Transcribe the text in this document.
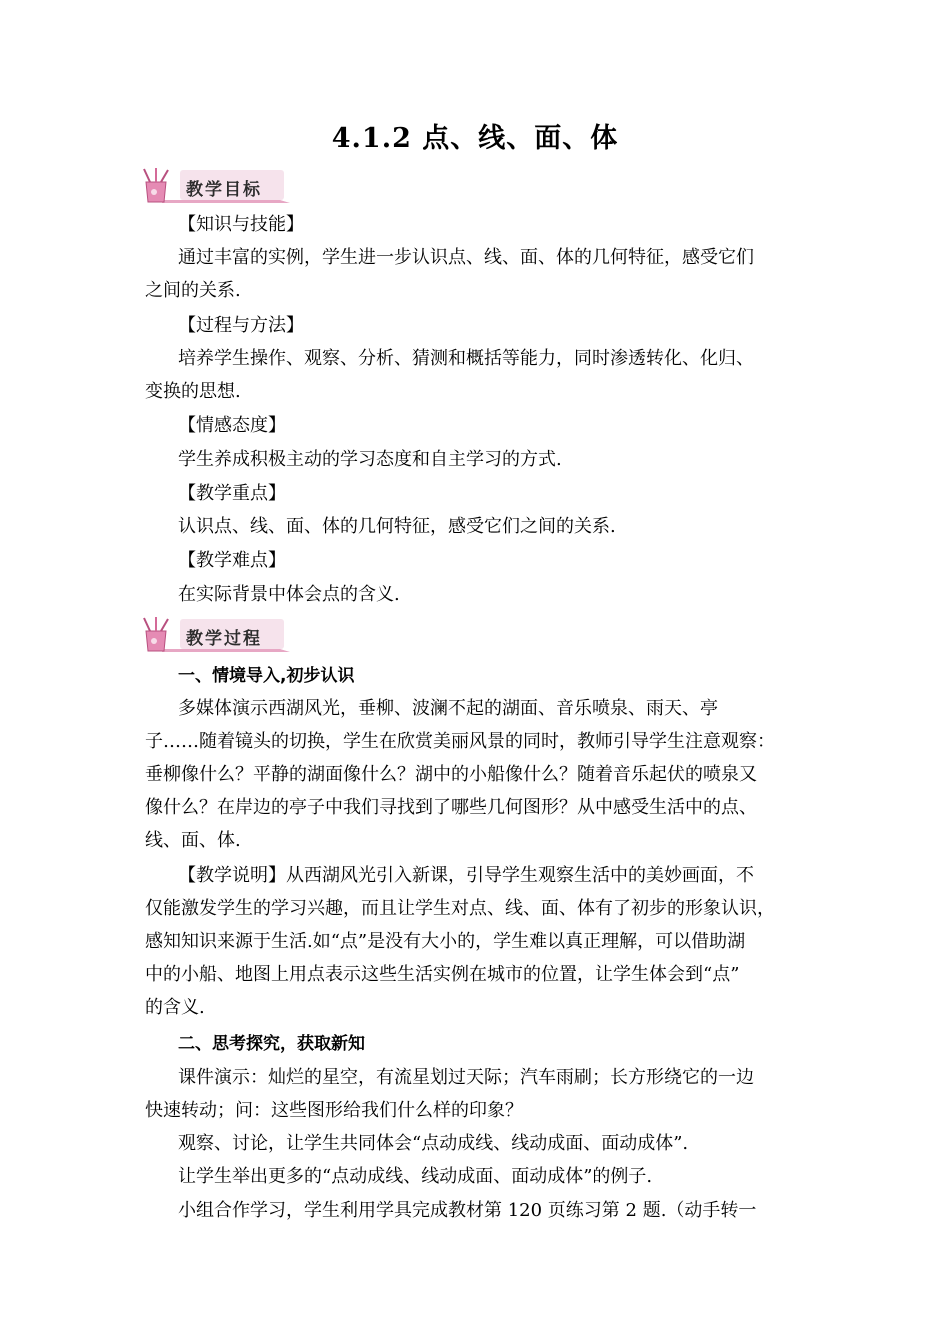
4.1.2 点、线、面、体
教学目标
【知识与技能】
通过丰富的实例，学生进一步认识点、线、面、体的几何特征，感受它们
之间的关系.
【过程与方法】
培养学生操作、观察、分析、猜测和概括等能力，同时渗透转化、化归、
变换的思想.
【情感态度】
学生养成积极主动的学习态度和自主学习的方式.
【教学重点】
认识点、线、面、体的几何特征，感受它们之间的关系.
【教学难点】
在实际背景中体会点的含义.
教学过程
一、情境导入,初步认识
多媒体演示西湖风光，垂柳、波澜不起的湖面、音乐喷泉、雨天、亭
子……随着镜头的切换，学生在欣赏美丽风景的同时，教师引导学生注意观察：
垂柳像什么？平静的湖面像什么？湖中的小船像什么？随着音乐起伏的喷泉又
像什么？在岸边的亭子中我们寻找到了哪些几何图形？从中感受生活中的点、
线、面、体.
【教学说明】从西湖风光引入新课，引导学生观察生活中的美妙画面，不
仅能激发学生的学习兴趣，而且让学生对点、线、面、体有了初步的形象认识，
感知知识来源于生活.如“点”是没有大小的，学生难以真正理解，可以借助湖
中的小船、地图上用点表示这些生活实例在城市的位置，让学生体会到“点”
的含义.
二、思考探究，获取新知
课件演示：灿烂的星空，有流星划过天际；汽车雨刷；长方形绕它的一边
快速转动；问：这些图形给我们什么样的印象？
观察、讨论，让学生共同体会“点动成线、线动成面、面动成体”.
让学生举出更多的“点动成线、线动成面、面动成体”的例子.
小组合作学习，学生利用学具完成教材第 120 页练习第 2 题.（动手转一
